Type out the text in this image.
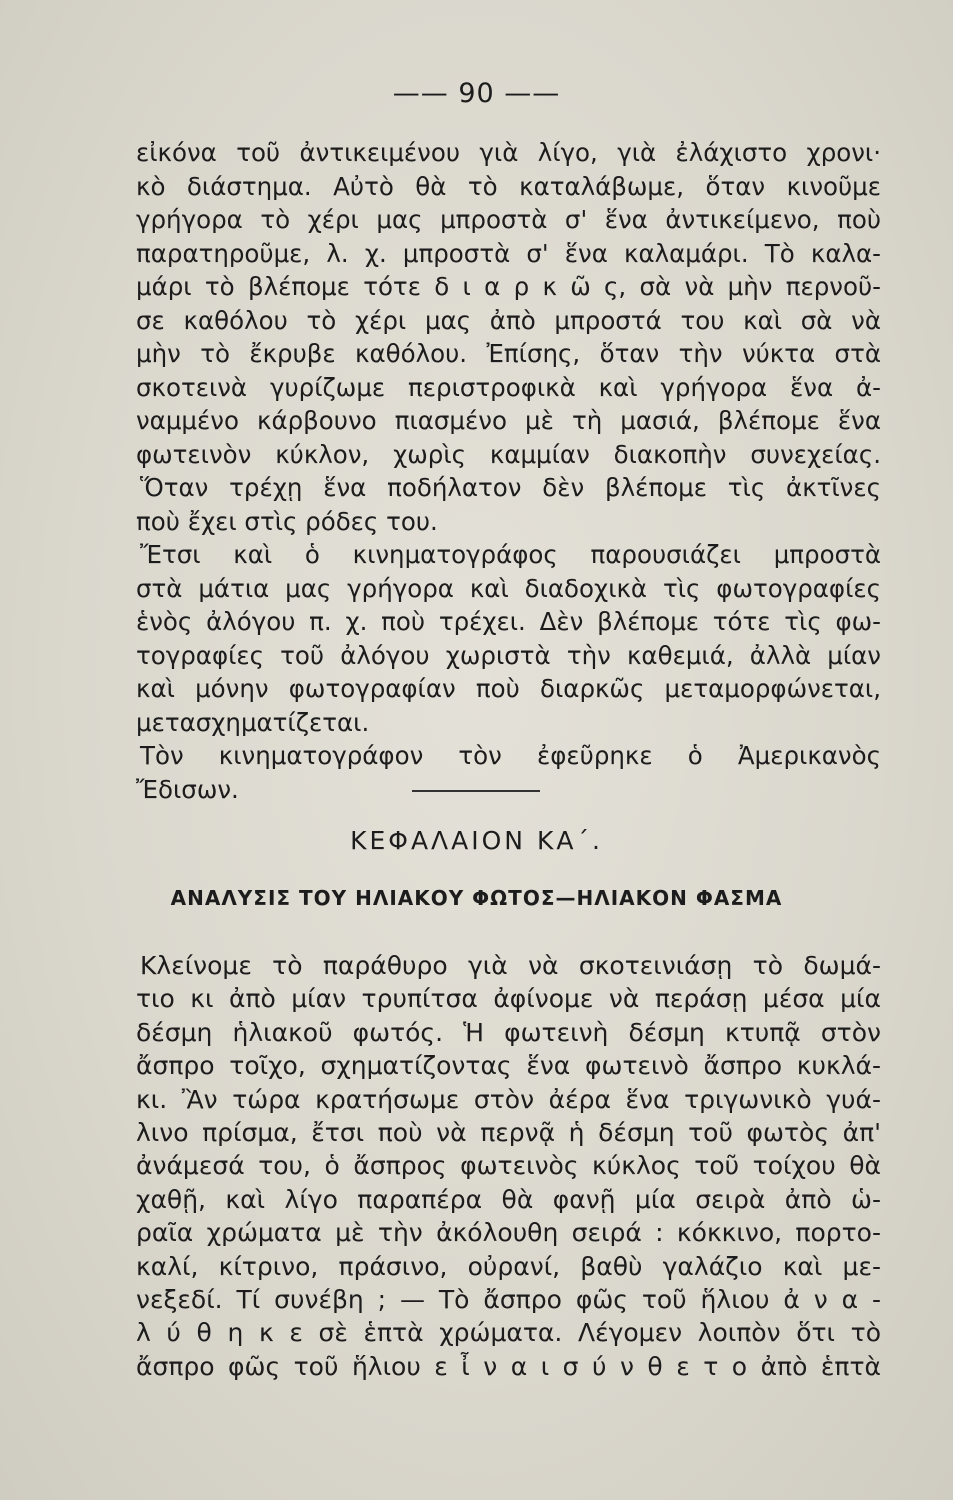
—— 90 ——
εἰκόνα τοῦ ἀντικειμένου γιὰ λίγο, γιὰ ἐλάχιστο χρονι·
κὸ διάστημα. Αὐτὸ θὰ τὸ καταλάβωμε, ὅταν κινοῦμε
γρήγορα τὸ χέρι μας μπροστὰ σ' ἕνα ἀντικείμενο, ποὺ
παρατηροῦμε, λ. χ. μπροστὰ σ' ἕνα καλαμάρι. Τὸ καλα-
μάρι τὸ βλέπομε τότε δ ι α ρ κ ῶ ς, σὰ νὰ μὴν περνοῦ-
σε καθόλου τὸ χέρι μας ἀπὸ μπροστά του καὶ σὰ νὰ
μὴν τὸ ἔκρυβε καθόλου. Ἐπίσης, ὅταν τὴν νύκτα στὰ
σκοτεινὰ γυρίζωμε περιστροφικὰ καὶ γρήγορα ἕνα ἀ-
ναμμένο κάρβουνο πιασμένο μὲ τὴ μασιά, βλέπομε ἕνα
φωτεινὸν κύκλον, χωρὶς καμμίαν διακοπὴν συνεχείας.
Ὅταν τρέχῃ ἕνα ποδήλατον δὲν βλέπομε τὶς ἀκτῖνες
ποὺ ἔχει στὶς ρόδες του.
Ἔτσι καὶ ὁ κινηματογράφος παρουσιάζει μπροστὰ
στὰ μάτια μας γρήγορα καὶ διαδοχικὰ τὶς φωτογραφίες
ἑνὸς ἀλόγου π. χ. ποὺ τρέχει. Δὲν βλέπομε τότε τὶς φω-
τογραφίες τοῦ ἀλόγου χωριστὰ τὴν καθεμιά, ἀλλὰ μίαν
καὶ μόνην φωτογραφίαν ποὺ διαρκῶς μεταμορφώνεται,
μετασχηματίζεται.
Τὸν κινηματογράφον τὸν ἐφεῦρηκε ὁ Ἀμερικανὸς
Ἔδισων.
ΚΕΦΑΛΑΙΟΝ ΚΑ΄.
ΑΝΑΛΥΣΙΣ ΤΟΥ ΗΛΙΑΚΟΥ ΦΩΤΟΣ—ΗΛΙΑΚΟΝ ΦΑΣΜΑ
Κλείνομε τὸ παράθυρο γιὰ νὰ σκοτεινιάσῃ τὸ δωμά-
τιο κι ἀπὸ μίαν τρυπίτσα ἀφίνομε νὰ περάσῃ μέσα μία
δέσμη ἡλιακοῦ φωτός. Ἡ φωτεινὴ δέσμη κτυπᾷ στὸν
ἄσπρο τοῖχο, σχηματίζοντας ἕνα φωτεινὸ ἄσπρο κυκλά-
κι. Ἂν τώρα κρατήσωμε στὸν ἀέρα ἕνα τριγωνικὸ γυά-
λινο πρίσμα, ἔτσι ποὺ νὰ περνᾷ ἡ δέσμη τοῦ φωτὸς ἀπ'
ἀνάμεσά του, ὁ ἄσπρος φωτεινὸς κύκλος τοῦ τοίχου θὰ
χαθῇ, καὶ λίγο παραπέρα θὰ φανῇ μία σειρὰ ἀπὸ ὡ-
ραῖα χρώματα μὲ τὴν ἀκόλουθη σειρά : κόκκινο, πορτο-
καλί, κίτρινο, πράσινο, οὐρανί, βαθὺ γαλάζιο καὶ με-
νεξεδί. Τί συνέβη ; — Τὸ ἄσπρο φῶς τοῦ ἥλιου ἀ ν α -
λ ύ θ η κ ε σὲ ἑπτὰ χρώματα. Λέγομεν λοιπὸν ὅτι τὸ
ἄσπρο φῶς τοῦ ἥλιου ε ἶ ν α ι σ ύ ν θ ε τ ο ἀπὸ ἑπτὰ
